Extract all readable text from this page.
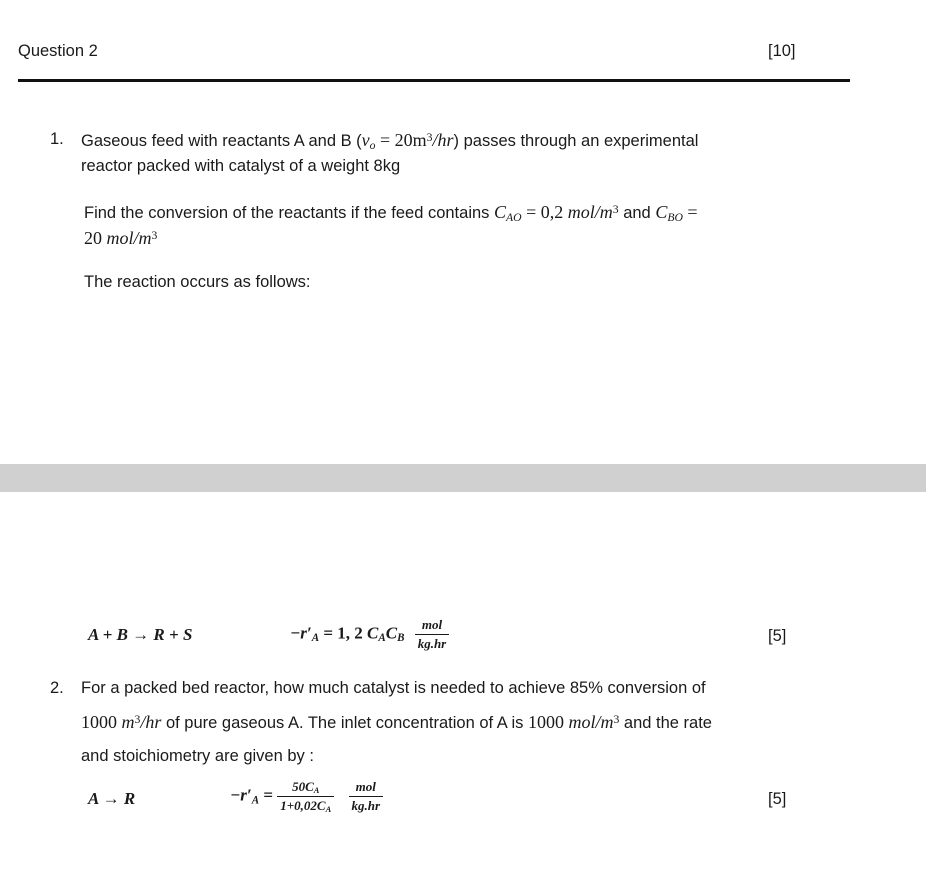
Question 2	[10]
1. Gaseous feed with reactants A and B $(v_o = 20m^3/hr)$ passes through an experimental
reactor packed with catalyst of a weight 8kg
Find the conversion of the reactants if the feed contains $C_{AO} = 0,2$ mol/$m^3$ and $C_{BO}$ =
20 mol/$m^3$
The reaction occurs as follows:
A + B → R + S	$-r'_A = 1$, 2 $C_AC_B \frac{\text{mol}}{kg.hr}$	[5]
2. For a packed bed reactor, how much catalyst is needed to achieve 85% conversion of
1000 $m^3/hr$ of pure gaseous A. The inlet concentration of A is 1000 mol/$m^3$ and the rate
and stoichiometry are given by :
A → R	$-r'_A = \frac{50C_A}{1+0,02C_A}$
$\frac{\text{mol}}{kg.hr}$	[5]
